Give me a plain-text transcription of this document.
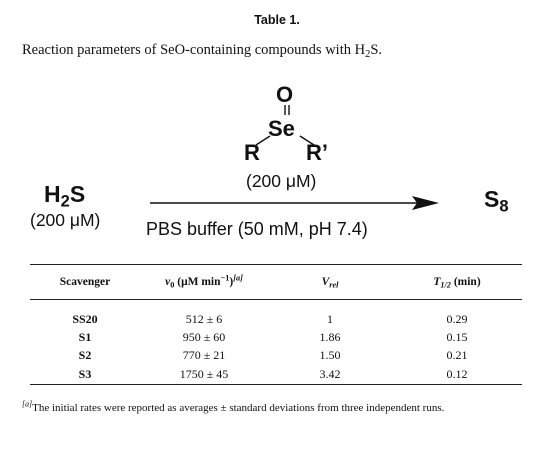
Table 1.
Reaction parameters of SeO-containing compounds with $H_2S$.
$H_2S$
(200 μM)
O
Se
R R’
(200 μM)
PBS buffer (50 mM, pH 7.4)
$S_8$
Scavenger	$v_0$ (μM $\min^{-1})[a]$	$V_{rel}$	$T_{1/2}$ (min)
SS20	512 ± 6	1	0.29
S1	950 ± 60	1.86	0.15
S2	770 ± 21	1.50	0.21
S3	1750 ± 45	3.42	0.12
[a]The initial rates were reported as averages ± standard deviations from three independent runs.
